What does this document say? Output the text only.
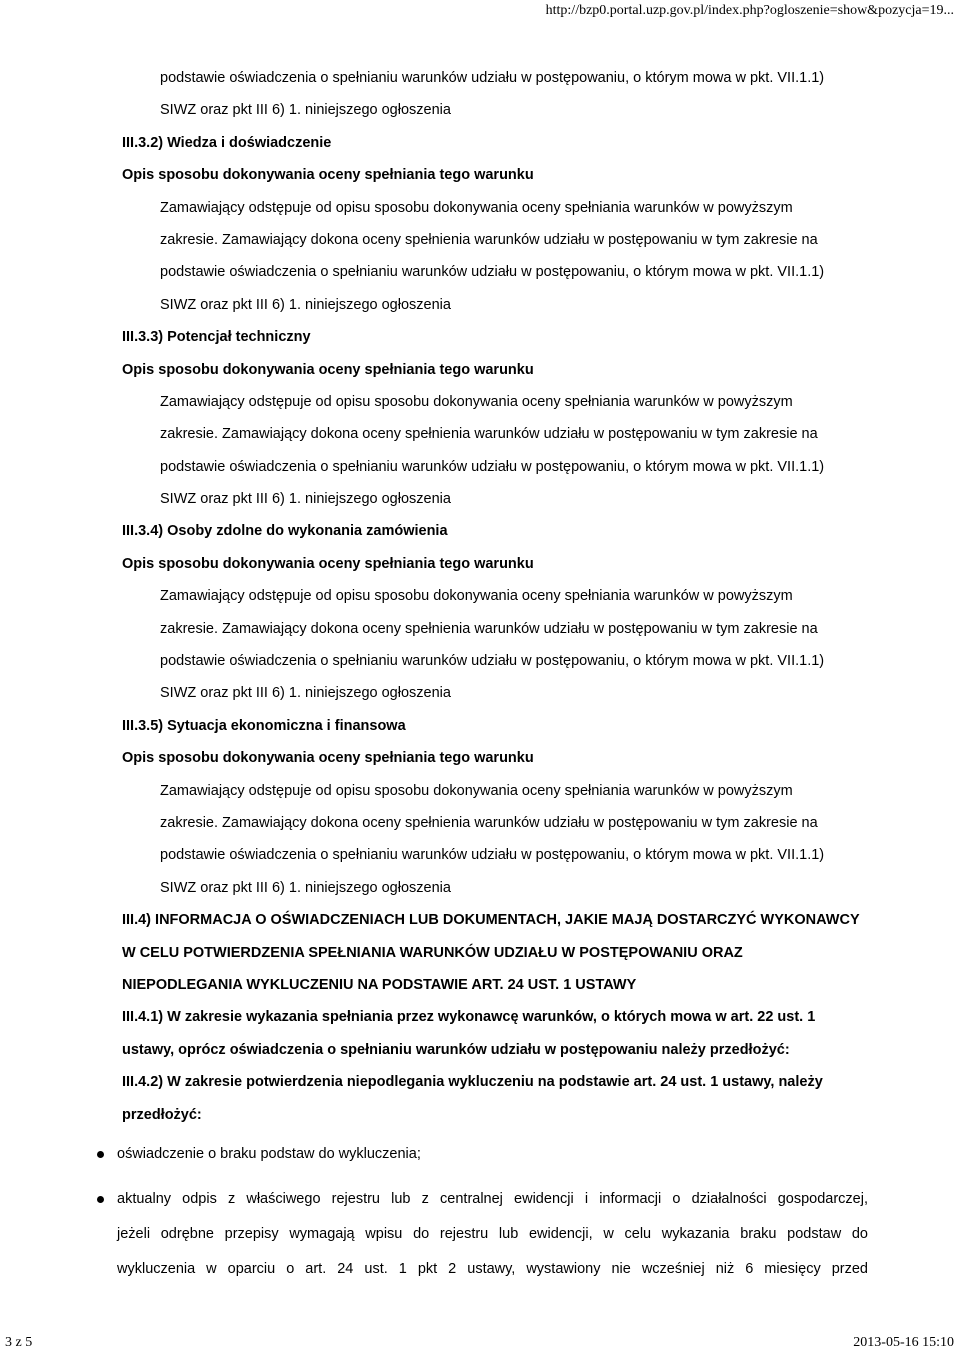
http://bzp0.portal.uzp.gov.pl/index.php?ogloszenie=show&pozycja=19...
podstawie oświadczenia o spełnianiu warunków udziału w postępowaniu, o którym mowa w pkt. VII.1.1)
SIWZ oraz pkt III 6) 1. niniejszego ogłoszenia
III.3.2) Wiedza i doświadczenie
Opis sposobu dokonywania oceny spełniania tego warunku
Zamawiający odstępuje od opisu sposobu dokonywania oceny spełniania warunków w powyższym
zakresie. Zamawiający dokona oceny spełnienia warunków udziału w postępowaniu w tym zakresie na
podstawie oświadczenia o spełnianiu warunków udziału w postępowaniu, o którym mowa w pkt. VII.1.1)
SIWZ oraz pkt III 6) 1. niniejszego ogłoszenia
III.3.3) Potencjał techniczny
Opis sposobu dokonywania oceny spełniania tego warunku
Zamawiający odstępuje od opisu sposobu dokonywania oceny spełniania warunków w powyższym
zakresie. Zamawiający dokona oceny spełnienia warunków udziału w postępowaniu w tym zakresie na
podstawie oświadczenia o spełnianiu warunków udziału w postępowaniu, o którym mowa w pkt. VII.1.1)
SIWZ oraz pkt III 6) 1. niniejszego ogłoszenia
III.3.4) Osoby zdolne do wykonania zamówienia
Opis sposobu dokonywania oceny spełniania tego warunku
Zamawiający odstępuje od opisu sposobu dokonywania oceny spełniania warunków w powyższym
zakresie. Zamawiający dokona oceny spełnienia warunków udziału w postępowaniu w tym zakresie na
podstawie oświadczenia o spełnianiu warunków udziału w postępowaniu, o którym mowa w pkt. VII.1.1)
SIWZ oraz pkt III 6) 1. niniejszego ogłoszenia
III.3.5) Sytuacja ekonomiczna i finansowa
Opis sposobu dokonywania oceny spełniania tego warunku
Zamawiający odstępuje od opisu sposobu dokonywania oceny spełniania warunków w powyższym
zakresie. Zamawiający dokona oceny spełnienia warunków udziału w postępowaniu w tym zakresie na
podstawie oświadczenia o spełnianiu warunków udziału w postępowaniu, o którym mowa w pkt. VII.1.1)
SIWZ oraz pkt III 6) 1. niniejszego ogłoszenia
III.4) INFORMACJA O OŚWIADCZENIACH LUB DOKUMENTACH, JAKIE MAJĄ DOSTARCZYĆ WYKONAWCY
W CELU POTWIERDZENIA SPEŁNIANIA WARUNKÓW UDZIAŁU W POSTĘPOWANIU ORAZ
NIEPODLEGANIA WYKLUCZENIU NA PODSTAWIE ART. 24 UST. 1 USTAWY
III.4.1) W zakresie wykazania spełniania przez wykonawcę warunków, o których mowa w art. 22 ust. 1
ustawy, oprócz oświadczenia o spełnianiu warunków udziału w postępowaniu należy przedłożyć:
III.4.2) W zakresie potwierdzenia niepodlegania wykluczeniu na podstawie art. 24 ust. 1 ustawy, należy
przedłożyć:
oświadczenie o braku podstaw do wykluczenia;
aktualny odpis z właściwego rejestru lub z centralnej ewidencji i informacji o działalności gospodarczej,
jeżeli odrębne przepisy wymagają wpisu do rejestru lub ewidencji, w celu wykazania braku podstaw do
wykluczenia w oparciu o art. 24 ust. 1 pkt 2 ustawy, wystawiony nie wcześniej niż 6 miesięcy przed
3 z 5	2013-05-16 15:10
